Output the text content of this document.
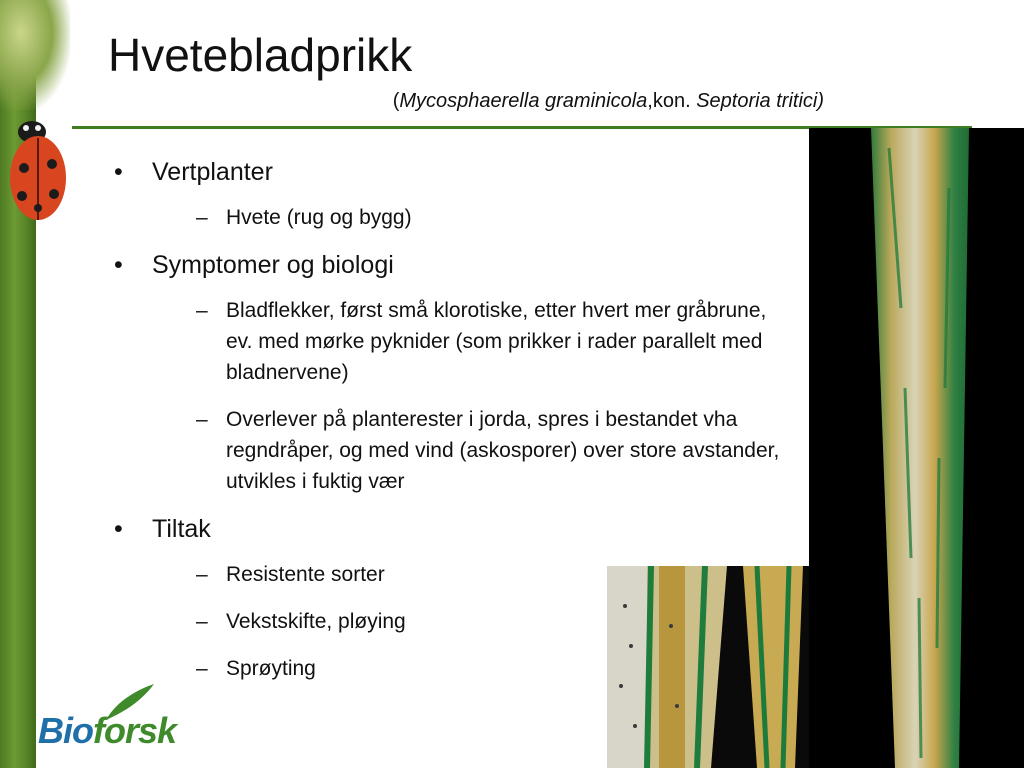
Hvetebladprikk
(Mycosphaerella graminicola,kon. Septoria tritici)
• Vertplanter
– Hvete (rug og bygg)
• Symptomer og biologi
– Bladflekker, først små klorotiske, etter hvert mer gråbrune, ev. med mørke pyknider (som prikker i rader parallelt med bladnervene)
– Overlever på planterester i jorda, spres i bestandet vha regndråper, og med vind (askosporer) over store avstander, utvikles i fuktig vær
• Tiltak
– Resistente sorter
– Vekstskifte, pløying
– Sprøyting
Bioforsk
